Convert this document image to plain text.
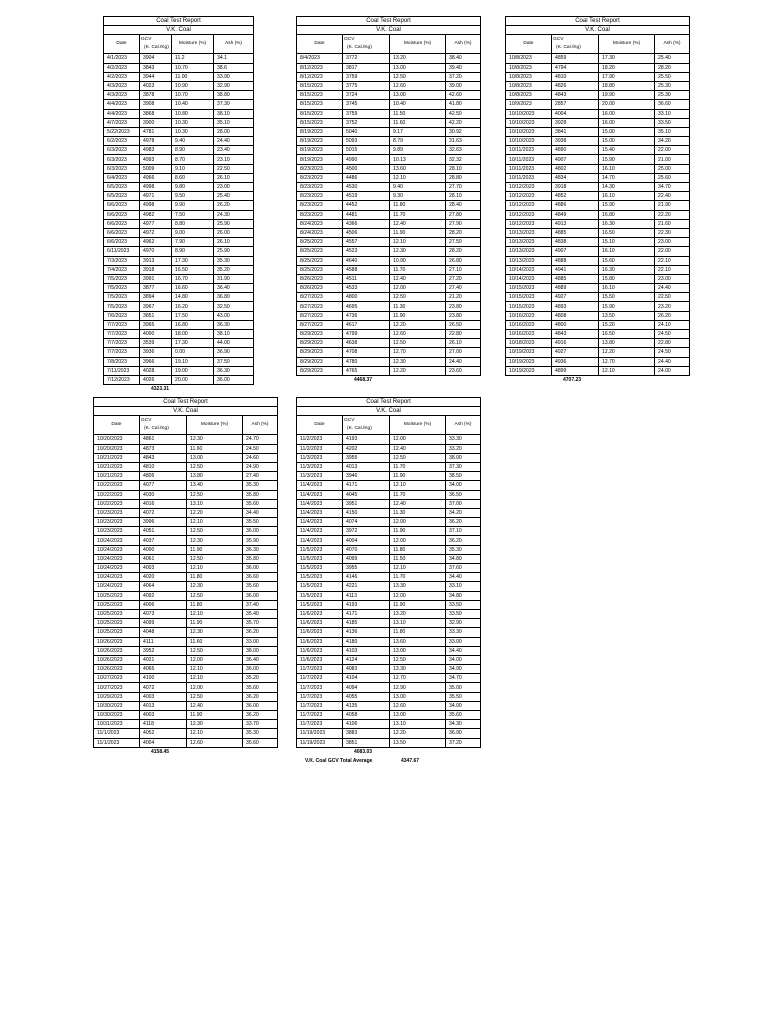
Coal Test Report			
V.K. Coal			
Date	GCV
(K. Cal./Kg)	Moisture (%)	Ash (%)
4/1/2023	3904	11.2	34.1
4/2/2023	3843	10.70	38.6
4/2/2023	3944	11.00	33.90
4/3/2023	4023	10.90	32.90
4/3/2023	3878	10.70	38.80
4/4/2023	3908	10.40	37.30
4/4/2023	3868	10.80	38.10
4/7/2023	3900	10.30	35.10
5/22/2023	4781	10.30	28.00
6/2/2023	4978	9.40	24.40
6/3/2023	4983	8.90	23.40
6/3/2023	4993	8.70	23.10
6/3/2023	5009	9.10	22.50
6/4/2023	4966	8.60	26.10
6/5/2023	4998	9.80	23.00
6/5/2023	4971	9.50	25.40
6/6/2023	4998	9.90	26.20
6/6/2023	4982	7.50	24.30
6/6/2023	4977	8.80	25.90
6/6/2023	4972	9.00	26.00
6/6/2023	4962	7.90	26.10
6/11/2023	4970	8.90	25.90
7/3/2023	3913	17.30	35.30
7/4/2023	3918	16.50	35.20
7/5/2023	3991	16.70	31.90
7/5/2023	3877	16.60	36.40
7/5/2023	3894	14.80	36.80
7/5/2023	3967	16.20	32.50
7/6/2023	3851	17.50	43.00
7/7/2023	3965	16.80	36.30
7/7/2023	4000	18.00	38.10
7/7/2023	3539	17.30	44.00
7/7/2023	3936	0.00	36.90
7/8/2023	3966	19.10	37.50
7/11/2023	4028	19.00	36.30
7/12/2023	4026	20.00	36.00
4323.31
Coal Test Report			
V.K. Coal			
Date	GCV
(K. Cal./Kg)	Moisture (%)	Ash (%)
8/4/2023	3772	13.20	38.40
8/12/2023	3817	13.00	39.40
8/12/2023	3759	12.50	37.20
8/15/2023	3775	12.60	39.00
8/15/2023	3724	13.00	42.60
8/15/2023	3745	10.40	41.80
8/15/2023	3759	11.50	42.50
8/15/2023	3752	11.60	42.20
8/19/2023	5040	9.17	30.92
8/19/2023	5093	8.79	31.63
8/19/2023	5015	9.89	32.63
8/19/2023	4990	10.13	32.32
8/23/2023	4500	13.60	28.10
8/23/2023	4486	12.10	28.80
8/23/2023	4530	9.40	27.70
8/23/2023	4519	9.30	28.10
8/23/2023	4452	11.80	28.40
8/23/2023	4481	11.70	27.80
8/24/2023	4366	12.40	27.90
8/24/2023	4506	11.90	28.20
8/25/2023	4557	12.10	27.50
8/25/2023	4523	12.30	28.20
8/25/2023	4640	10.90	26.80
8/25/2023	4588	11.70	27.10
8/26/2023	4511	12.40	27.20
8/26/2023	4533	12.00	27.40
8/27/2023	4800	12.50	21.20
8/27/2023	4695	11.30	23.80
8/27/2023	4736	11.90	23.80
8/27/2023	4617	12.20	26.50
8/29/2023	4799	12.60	22.80
8/29/2023	4638	12.50	26.10
8/29/2023	4708	12.70	27.00
8/29/2023	4780	12.30	24.40
8/29/2023	4765	12.20	23.60
4468.37
Coal Test Report			
V.K. Coal			
Date	GCV
(K. Cal./Kg)	Moisture (%)	Ash (%)
10/8/2023	4859	17.30	25.40
10/8/2023	4794	18.20	28.20
10/8/2023	4810	17.90	25.50
10/8/2023	4826	18.80	25.30
10/8/2023	4843	19.90	25.30
10/9/2023	2857	20.00	36.60
10/10/2023	4004	16.00	33.10
10/10/2023	3928	16.00	33.50
10/10/2023	3841	15.00	35.10
10/10/2023	3938	15.00	34.20
10/11/2023	4890	15.40	22.00
10/11/2023	4907	15.90	21.00
10/11/2023	4802	16.10	25.00
10/11/2023	4834	14.70	25.60
10/12/2023	3918	14.30	34.70
10/12/2023	4852	16.10	22.40
10/12/2023	4886	15.90	21.90
10/12/2023	4849	16.80	22.20
10/12/2023	4913	16.30	21.60
10/13/2023	4885	16.50	22.30
10/13/2023	4838	15.10	23.00
10/13/2023	4907	16.10	22.00
10/13/2023	4888	15.60	22.10
10/14/2023	4941	16.30	22.10
10/14/2023	4885	15.80	23.00
10/15/2023	4889	16.10	24.40
10/15/2023	4927	15.50	22.50
10/15/2023	4893	15.90	23.20
10/16/2023	4808	13.50	26.20
10/16/2023	4800	15.20	24.10
10/16/2023	4843	16.50	24.50
10/18/2023	4916	13.80	22.80
10/19/2023	4927	12.20	24.50
10/19/2023	4936	12.70	24.40
10/19/2023	4899	12.10	24.00
4707.23
Coal Test Report			
V.K. Coal			
Date	GCV
(K. Cal./Kg)	Moisture (%)	Ash (%)
10/20/2023	4861	12.30	24.70
10/20/2023	4873	11.60	24.50
10/21/2023	4843	13.00	24.60
10/21/2023	4810	12.50	24.90
10/21/2023	4805	13.80	27.40
10/22/2023	4077	13.40	35.30
10/22/2023	4030	12.50	35.80
10/22/2023	4016	13.10	35.60
10/23/2023	4072	12.20	34.40
10/23/2023	3996	12.10	35.50
10/23/2023	4051	12.50	36.00
10/24/2023	4037	12.30	35.90
10/24/2023	4000	11.90	36.30
10/24/2023	4061	12.50	35.80
10/24/2023	4003	12.10	36.00
10/24/2023	4020	11.80	36.60
10/24/2023	4064	12.30	35.60
10/25/2023	4092	12.50	36.00
10/25/2023	4006	11.80	37.40
10/25/2023	4073	12.10	35.40
10/25/2023	4099	11.90	35.70
10/25/2023	4048	12.30	36.20
10/26/2023	4111	11.60	33.00
10/26/2023	3952	12.50	38.00
10/26/2023	4021	12.00	36.40
10/26/2023	4065	12.10	36.00
10/27/2023	4100	12.10	35.20
10/27/2023	4072	12.00	35.60
10/29/2023	4003	12.50	36.20
10/30/2023	4013	12.40	36.00
10/30/2023	4003	11.90	36.20
10/31/2023	4118	12.30	33.70
11/1/2023	4052	12.10	35.30
11/1/2023	4004	12.60	35.60
4158.45
Coal Test Report			
V.K. Coal			
Date	GCV
(K. Cal./Kg)	Moisture (%)	Ash (%)
11/2/2023	4193	12.00	33.30
11/2/2023	4202	12.40	33.20
11/3/2023	3955	12.50	38.00
11/3/2023	4013	11.70	37.30
11/3/2023	3946	11.90	38.50
11/4/2023	4171	12.10	34.00
11/4/2023	4045	11.70	36.50
11/4/2023	3951	12.40	37.00
11/4/2023	4150	11.30	34.20
11/4/2023	4074	12.00	36.20
11/4/2023	3972	11.90	37.10
11/4/2023	4004	12.00	36.20
11/5/2023	4070	11.80	35.30
11/5/2023	4099	11.50	34.80
11/5/2023	3955	12.10	37.60
11/5/2023	4146	11.70	34.40
11/5/2023	4221	13.30	33.10
11/5/2023	4113	12.00	34.80
11/5/2023	4193	11.90	33.50
11/6/2023	4171	13.20	33.50
11/6/2023	4185	13.10	32.90
11/6/2023	4136	11.80	33.30
11/6/2023	4180	13.60	33.00
11/6/2023	4103	13.00	34.40
11/6/2023	4124	12.50	34.00
11/7/2023	4083	13.30	34.90
11/7/2023	4104	12.70	34.70
11/7/2023	4094	12.90	35.00
11/7/2023	4055	13.00	35.50
11/7/2023	4135	12.60	34.00
11/7/2023	4058	13.00	35.60
11/7/2023	4106	13.10	34.30
11/19/2023	3883	12.20	36.90
11/19/2023	3851	13.50	37.20
4083.03
V.K. Coal GCV Total Average	4347.67
